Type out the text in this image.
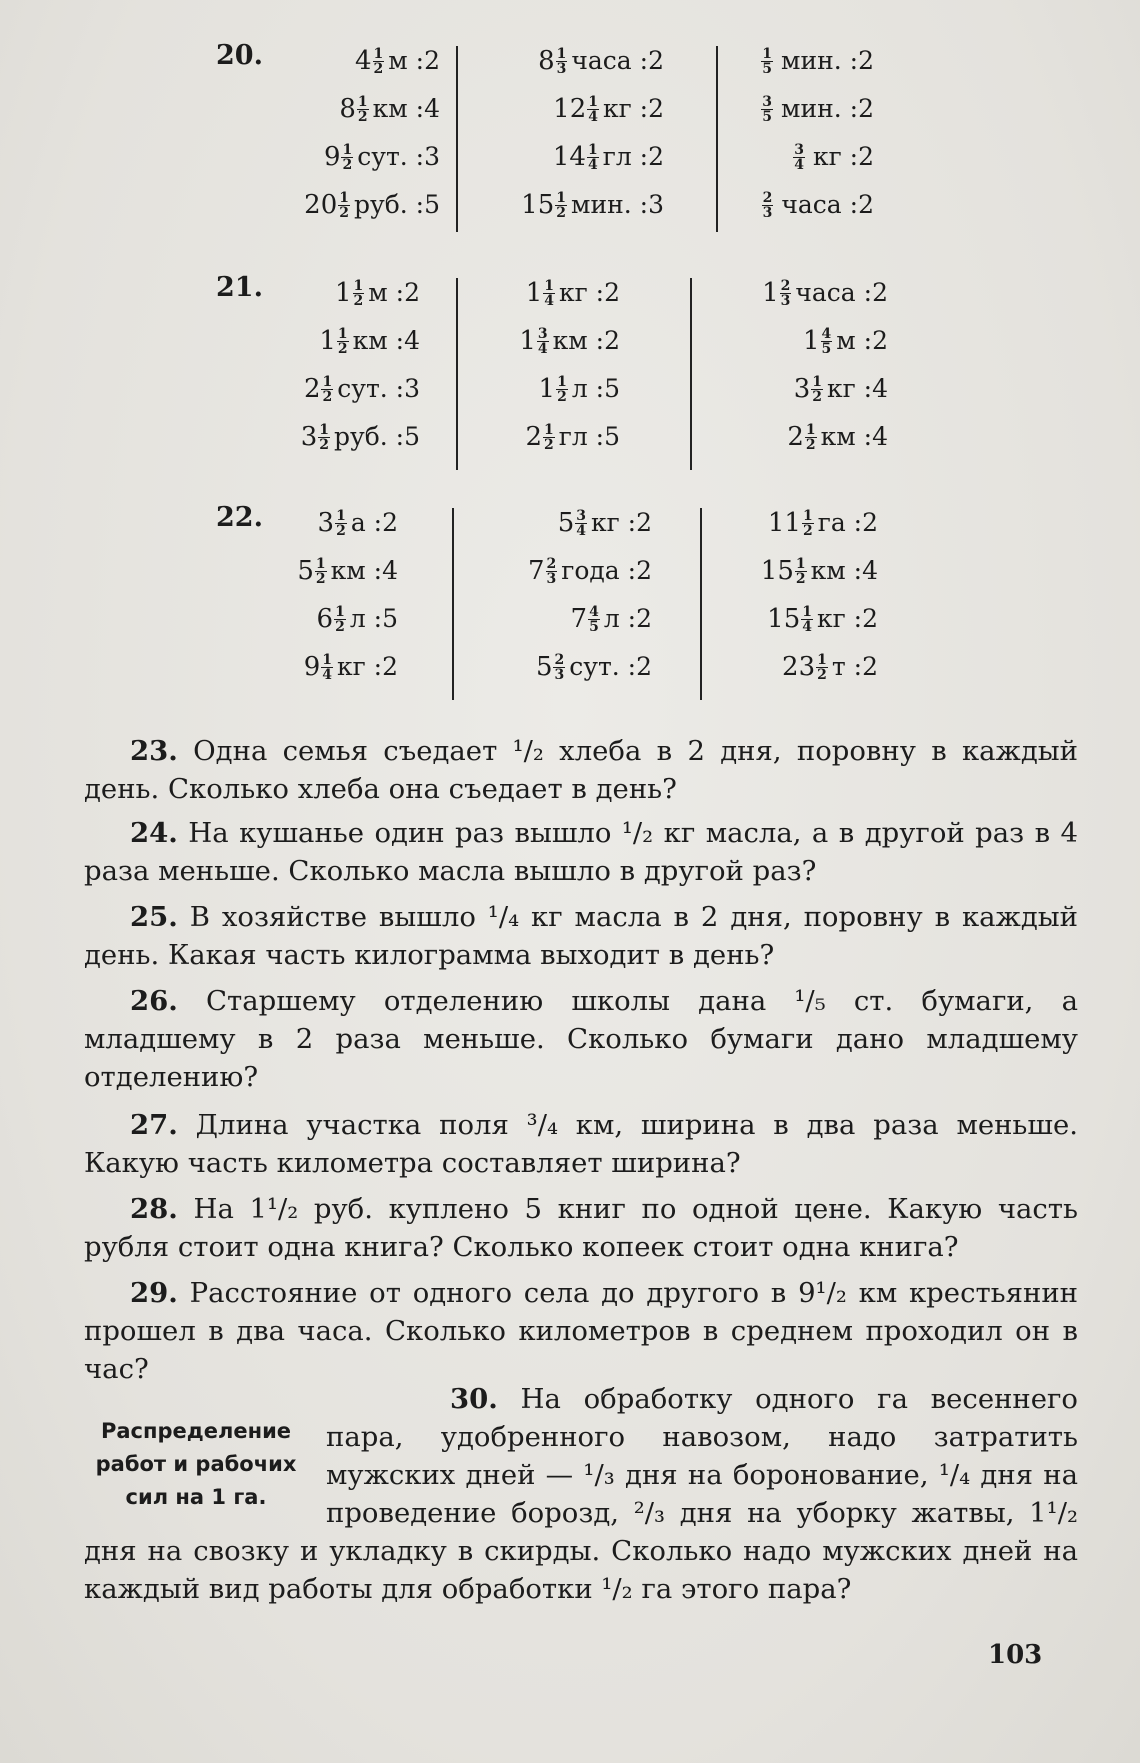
20.
21.
22.
$4 \frac{1}{2}$ м :2	$8 \frac{1}{3}$ часа :2	$\frac{1}{5}$ мин. :2
$8 \frac{1}{2}$ км :4	$12 \frac{1}{4}$ кг :2	$\frac{3}{5}$ мин. :2
$9 \frac{1}{2}$ сут. :3	$14 \frac{1}{4}$ гл :2	$\frac{3}{4}$ кг :2
$20 \frac{1}{2}$ руб. :5	$15 \frac{1}{2}$ мин. :3	$\frac{2}{3}$ часа :2
$1 \frac{1}{2}$ м :2	$1 \frac{1}{4}$ кг :2	$1 \frac{2}{3}$ часа :2
$1 \frac{1}{2}$ км :4	$1 \frac{3}{4}$ км :2	$1 \frac{4}{5}$ м :2
$2 \frac{1}{2}$ сут. :3	$1 \frac{1}{2}$ л :5	$3 \frac{1}{2}$ кг :4
$3 \frac{1}{2}$ руб. :5	$2 \frac{1}{2}$ гл :5	$2 \frac{1}{2}$ км :4
$3 \frac{1}{2}$ а :2	$5 \frac{3}{4}$ кг :2	$11 \frac{1}{2}$ га :2
$5 \frac{1}{2}$ км :4	$7 \frac{2}{3}$ года :2	$15 \frac{1}{2}$ км :4
$6 \frac{1}{2}$ л :5	$7 \frac{4}{5}$ л :2	$15 \frac{1}{4}$ кг :2
$9 \frac{1}{4}$ кг :2	$5 \frac{2}{3}$ сут. :2	$23 \frac{1}{2}$ т :2
23. Одна семья съедает ¹/₂ хлеба в 2 дня, поровну в каждый день. Сколько хлеба она съедает в день?
24. На кушанье один раз вышло ¹/₂ кг масла, а в другой раз в 4 раза меньше. Сколько масла вышло в другой раз?
25. В хозяйстве вышло ¹/₄ кг масла в 2 дня, поровну в каждый день. Какая часть килограмма выходит в день?
26. Старшему отделению школы дана ¹/₅ ст. бумаги, а младшему в 2 раза меньше. Сколько бумаги дано младшему отделению?
27. Длина участка поля ³/₄ км, ширина в два раза меньше. Какую часть километра составляет ширина?
28. На 1¹/₂ руб. куплено 5 книг по одной цене. Какую часть рубля стоит одна книга? Сколько копеек стоит одна книга?
29. Расстояние от одного села до другого в 9¹/₂ км крестьянин прошел в два часа. Сколько километров в среднем проходил он в час?
30. На обработку одного га весеннего пара, удобренного навозом, надо затратить мужских дней — ¹/₃ дня на боронование, ¹/₄ дня на проведение борозд, ²/₃ дня на уборку жатвы, 1¹/₂ дня на свозку и укладку в скирды. Сколько надо мужских дней на каждый вид работы для обработки ¹/₂ га этого пара?
Распределение работ и рабочих сил на 1 га.
103
